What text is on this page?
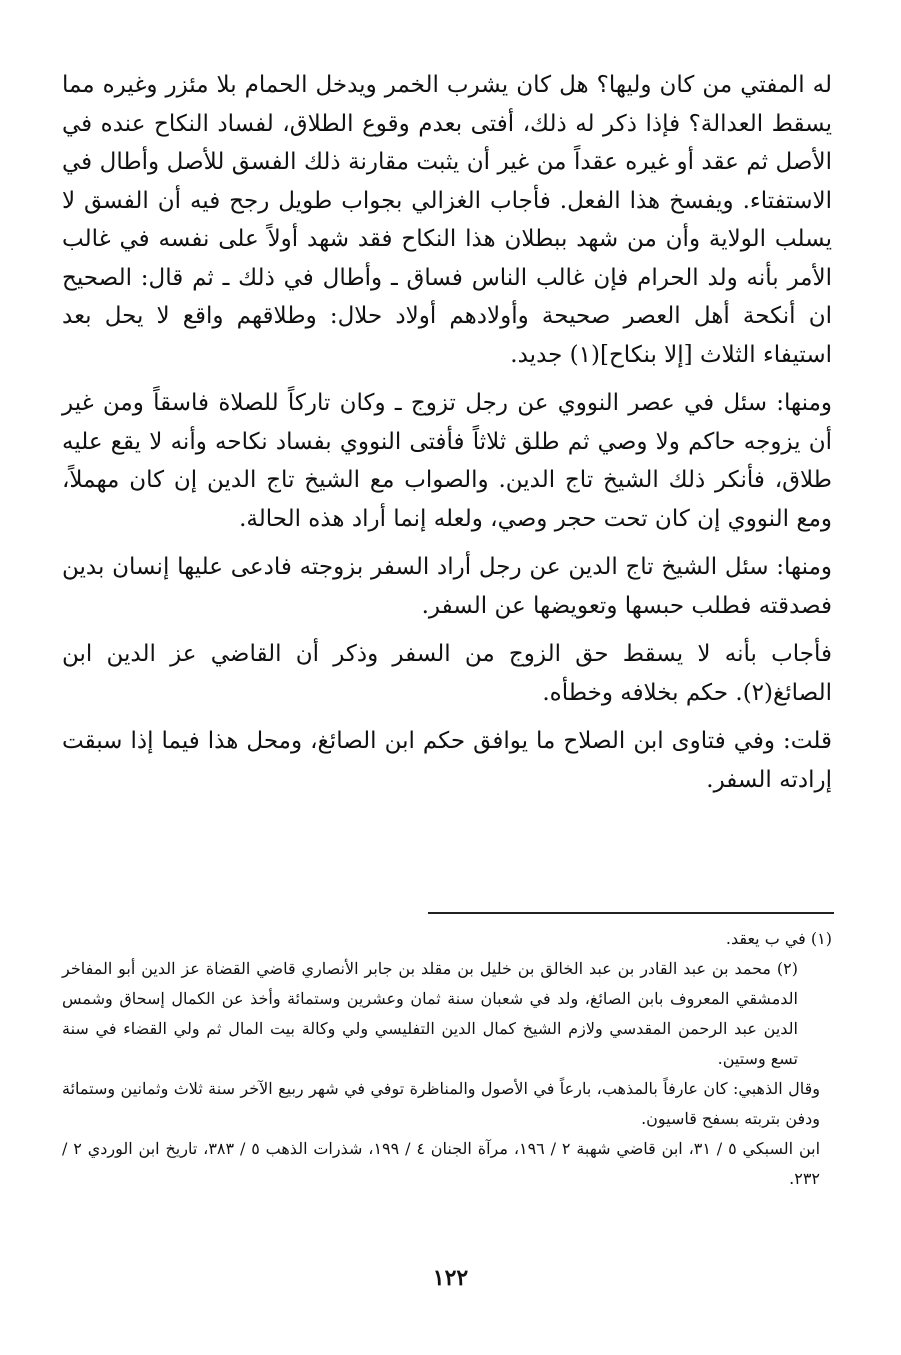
له المفتي من كان وليها؟ هل كان يشرب الخمر ويدخل الحمام بلا مئزر وغيره مما يسقط العدالة؟ فإذا ذكر له ذلك، أفتى بعدم وقوع الطلاق، لفساد النكاح عنده في الأصل ثم عقد أو غيره عقداً من غير أن يثبت مقارنة ذلك الفسق للأصل وأطال في الاستفتاء. ويفسخ هذا الفعل. فأجاب الغزالي بجواب طويل رجح فيه أن الفسق لا يسلب الولاية وأن من شهد ببطلان هذا النكاح فقد شهد أولاً على نفسه في غالب الأمر بأنه ولد الحرام فإن غالب الناس فساق ـ وأطال في ذلك ـ ثم قال: الصحيح ان أنكحة أهل العصر صحيحة وأولادهم أولاد حلال: وطلاقهم واقع لا يحل بعد استيفاء الثلاث [إلا بنكاح](١) جديد.

ومنها: سئل في عصر النووي عن رجل تزوج ـ وكان تاركاً للصلاة فاسقاً ومن غير أن يزوجه حاكم ولا وصي ثم طلق ثلاثاً فأفتى النووي بفساد نكاحه وأنه لا يقع عليه طلاق، فأنكر ذلك الشيخ تاج الدين. والصواب مع الشيخ تاج الدين إن كان مهملاً، ومع النووي إن كان تحت حجر وصي، ولعله إنما أراد هذه الحالة.

ومنها: سئل الشيخ تاج الدين عن رجل أراد السفر بزوجته فادعى عليها إنسان بدين فصدقته فطلب حبسها وتعويضها عن السفر.

فأجاب بأنه لا يسقط حق الزوج من السفر وذكر أن القاضي عز الدين ابن الصائغ(٢). حكم بخلافه وخطأه.

قلت: وفي فتاوى ابن الصلاح ما يوافق حكم ابن الصائغ، ومحل هذا فيما إذا سبقت إرادته السفر.

(١) في ب يعقد.

(٢) محمد بن عبد القادر بن عبد الخالق بن خليل بن مقلد بن جابر الأنصاري قاضي القضاة عز الدين أبو المفاخر الدمشقي المعروف بابن الصائغ، ولد في شعبان سنة ثمان وعشرين وستمائة وأخذ عن الكمال إسحاق وشمس الدين عبد الرحمن المقدسي ولازم الشيخ كمال الدين التفليسي ولي وكالة بيت المال ثم ولي القضاء في سنة تسع وستين.

وقال الذهبي: كان عارفاً بالمذهب، بارعاً في الأصول والمناظرة توفي في شهر ربيع الآخر سنة ثلاث وثمانين وستمائة ودفن بتربته بسفح قاسيون.

ابن السبكي ٥ / ٣١، ابن قاضي شهبة ٢ / ١٩٦، مرآة الجنان ٤ / ١٩٩، شذرات الذهب ٥ / ٣٨٣، تاريخ ابن الوردي ٢ / ٢٣٢.

١٢٢
